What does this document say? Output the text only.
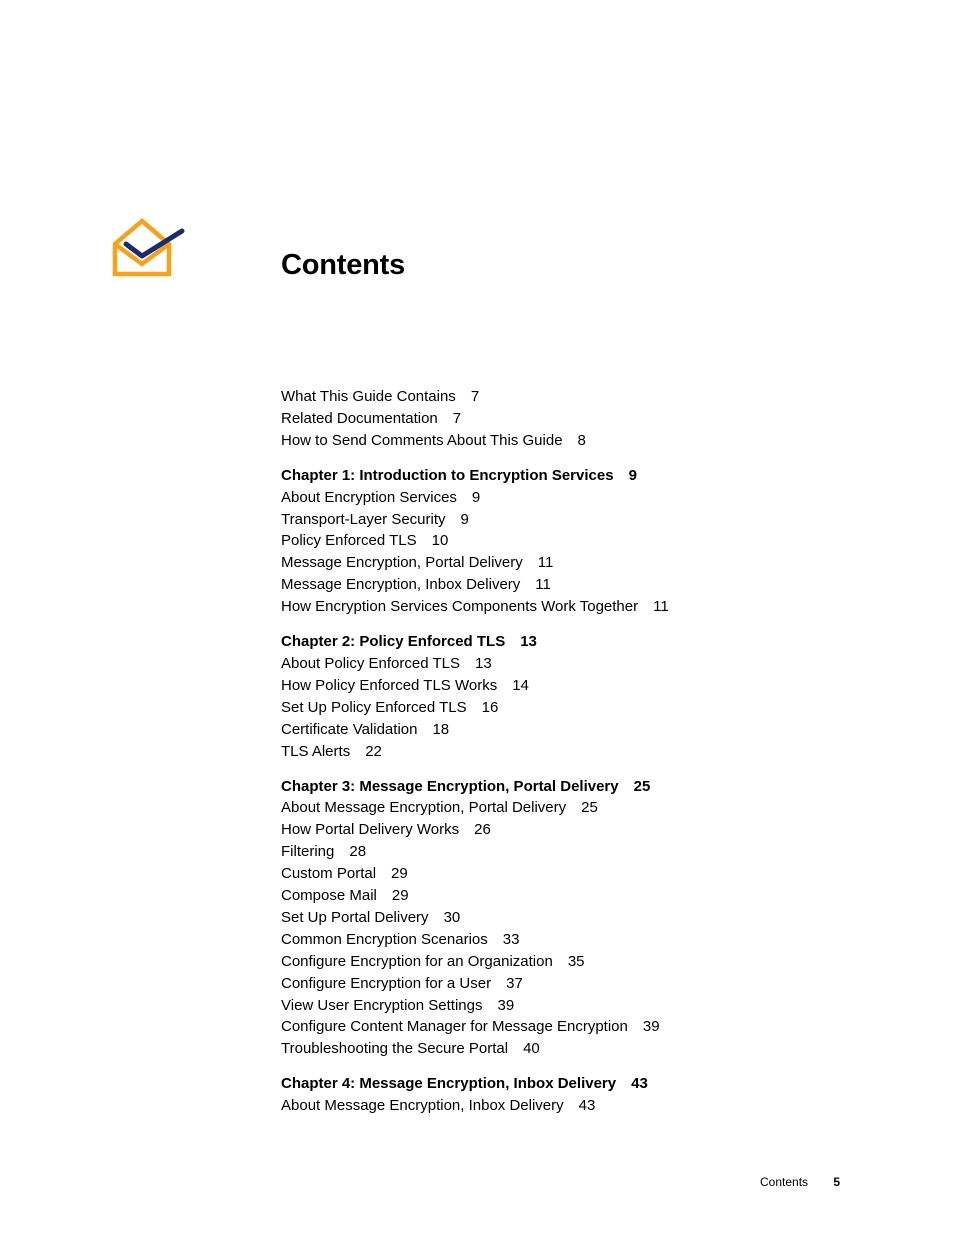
Contents
What This Guide Contains 7
Related Documentation 7
How to Send Comments About This Guide 8
Chapter 1: Introduction to Encryption Services 9
About Encryption Services 9
Transport-Layer Security 9
Policy Enforced TLS 10
Message Encryption, Portal Delivery 11
Message Encryption, Inbox Delivery 11
How Encryption Services Components Work Together 11
Chapter 2: Policy Enforced TLS 13
About Policy Enforced TLS 13
How Policy Enforced TLS Works 14
Set Up Policy Enforced TLS 16
Certificate Validation 18
TLS Alerts 22
Chapter 3: Message Encryption, Portal Delivery 25
About Message Encryption, Portal Delivery 25
How Portal Delivery Works 26
Filtering 28
Custom Portal 29
Compose Mail 29
Set Up Portal Delivery 30
Common Encryption Scenarios 33
Configure Encryption for an Organization 35
Configure Encryption for a User 37
View User Encryption Settings 39
Configure Content Manager for Message Encryption 39
Troubleshooting the Secure Portal 40
Chapter 4: Message Encryption, Inbox Delivery 43
About Message Encryption, Inbox Delivery 43
Contents 5
